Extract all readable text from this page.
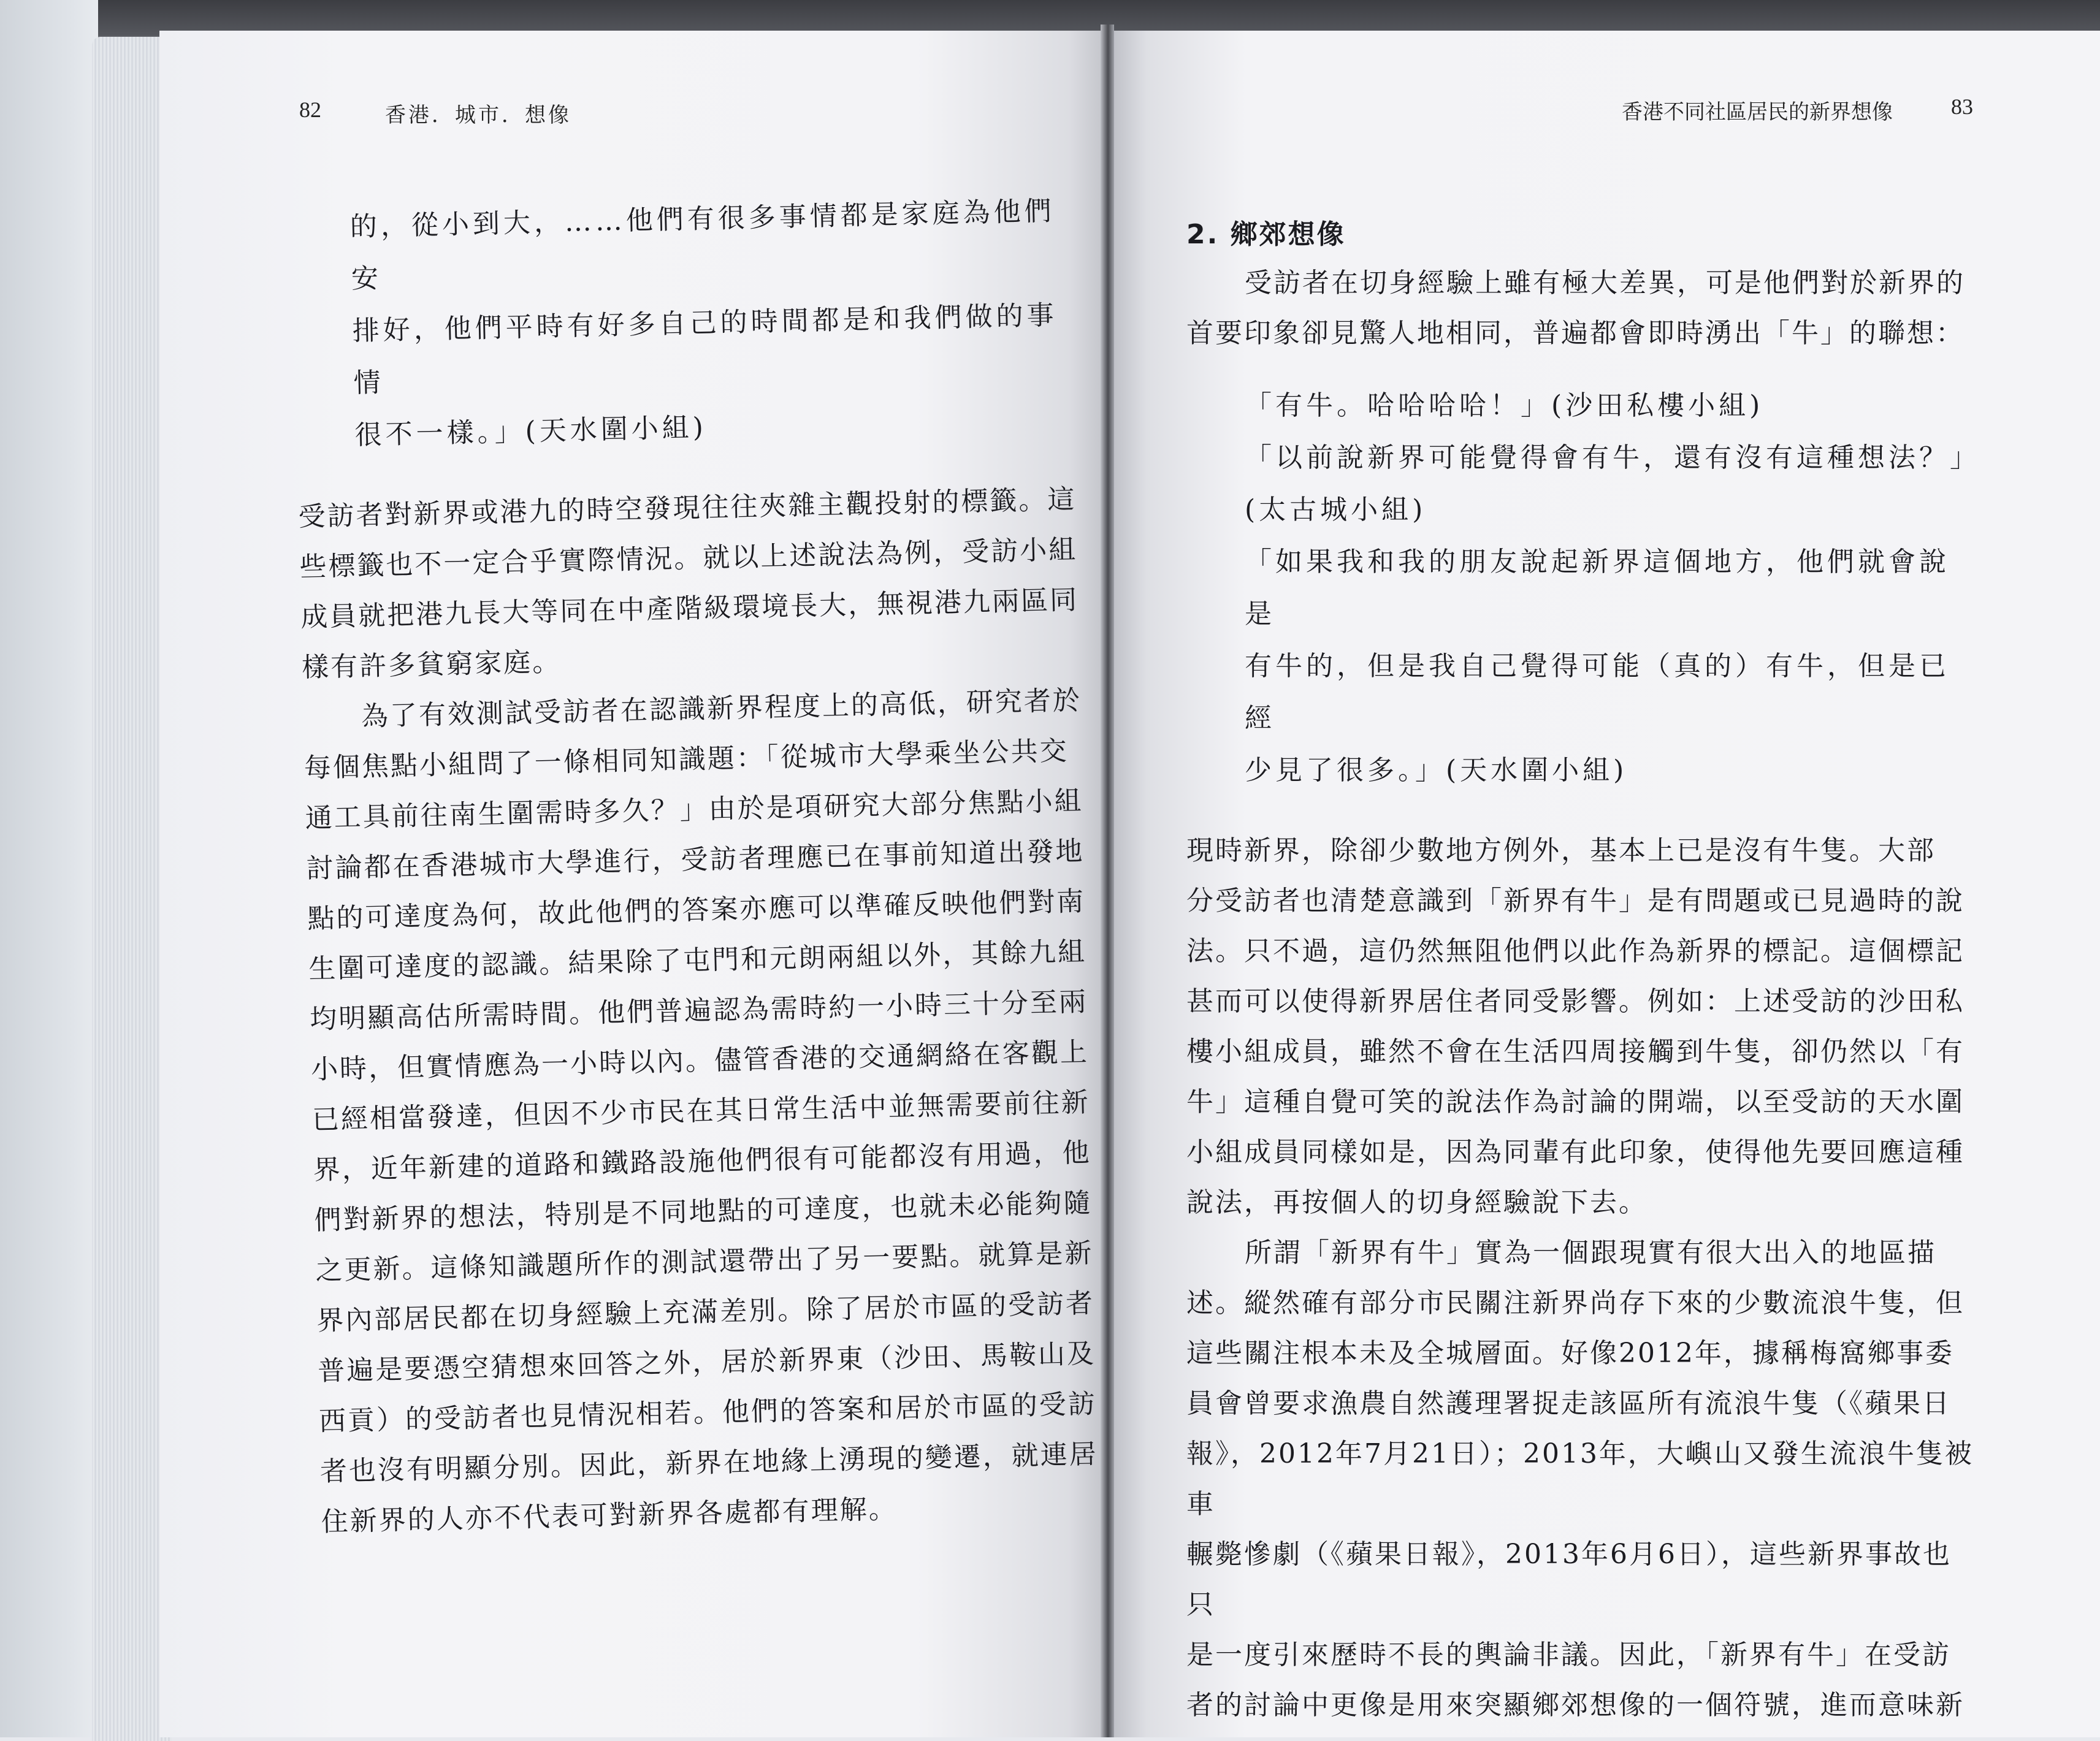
82	香港．城市．想像	香港不同社區居民的新界想像	83

的，從小到大，……他們有很多事情都是家庭為他們安

排好，他們平時有好多自己的時間都是和我們做的事情

很不一樣。」(天水圍小組)

受訪者對新界或港九的時空發現往往夾雜主觀投射的標籤。這

些標籤也不一定合乎實際情況。就以上述說法為例，受訪小組

成員就把港九長大等同在中產階級環境長大，無視港九兩區同

樣有許多貧窮家庭。

為了有效測試受訪者在認識新界程度上的高低，研究者於

每個焦點小組問了一條相同知識題：「從城市大學乘坐公共交

通工具前往南生圍需時多久？」由於是項研究大部分焦點小組

討論都在香港城市大學進行，受訪者理應已在事前知道出發地

點的可達度為何，故此他們的答案亦應可以準確反映他們對南

生圍可達度的認識。結果除了屯門和元朗兩組以外，其餘九組

均明顯高估所需時間。他們普遍認為需時約一小時三十分至兩

小時，但實情應為一小時以內。儘管香港的交通網絡在客觀上

已經相當發達，但因不少市民在其日常生活中並無需要前往新

界，近年新建的道路和鐵路設施他們很有可能都沒有用過，他

們對新界的想法，特別是不同地點的可達度，也就未必能夠隨

之更新。這條知識題所作的測試還帶出了另一要點。就算是新

界內部居民都在切身經驗上充滿差別。除了居於市區的受訪者

普遍是要憑空猜想來回答之外，居於新界東（沙田、馬鞍山及

西貢）的受訪者也見情況相若。他們的答案和居於市區的受訪

者也沒有明顯分別。因此，新界在地緣上湧現的變遷，就連居

住新界的人亦不代表可對新界各處都有理解。

2. 鄉郊想像

受訪者在切身經驗上雖有極大差異，可是他們對於新界的

首要印象卻見驚人地相同，普遍都會即時湧出「牛」的聯想：

「有牛。哈哈哈哈！」(沙田私樓小組)

「以前說新界可能覺得會有牛，還有沒有這種想法？」

(太古城小組)

「如果我和我的朋友說起新界這個地方，他們就會說是

有牛的，但是我自己覺得可能（真的）有牛，但是已經

少見了很多。」(天水圍小組)

現時新界，除卻少數地方例外，基本上已是沒有牛隻。大部

分受訪者也清楚意識到「新界有牛」是有問題或已見過時的說

法。只不過，這仍然無阻他們以此作為新界的標記。這個標記

甚而可以使得新界居住者同受影響。例如：上述受訪的沙田私

樓小組成員，雖然不會在生活四周接觸到牛隻，卻仍然以「有

牛」這種自覺可笑的說法作為討論的開端，以至受訪的天水圍

小組成員同樣如是，因為同輩有此印象，使得他先要回應這種

說法，再按個人的切身經驗說下去。

所謂「新界有牛」實為一個跟現實有很大出入的地區描

述。縱然確有部分市民關注新界尚存下來的少數流浪牛隻，但

這些關注根本未及全城層面。好像2012年，據稱梅窩鄉事委

員會曾要求漁農自然護理署捉走該區所有流浪牛隻（《蘋果日

報》，2012年7月21日）；2013年，大嶼山又發生流浪牛隻被車

輾斃慘劇（《蘋果日報》，2013年6月6日），這些新界事故也只

是一度引來歷時不長的輿論非議。因此，「新界有牛」在受訪

者的討論中更像是用來突顯鄉郊想像的一個符號，進而意味新
